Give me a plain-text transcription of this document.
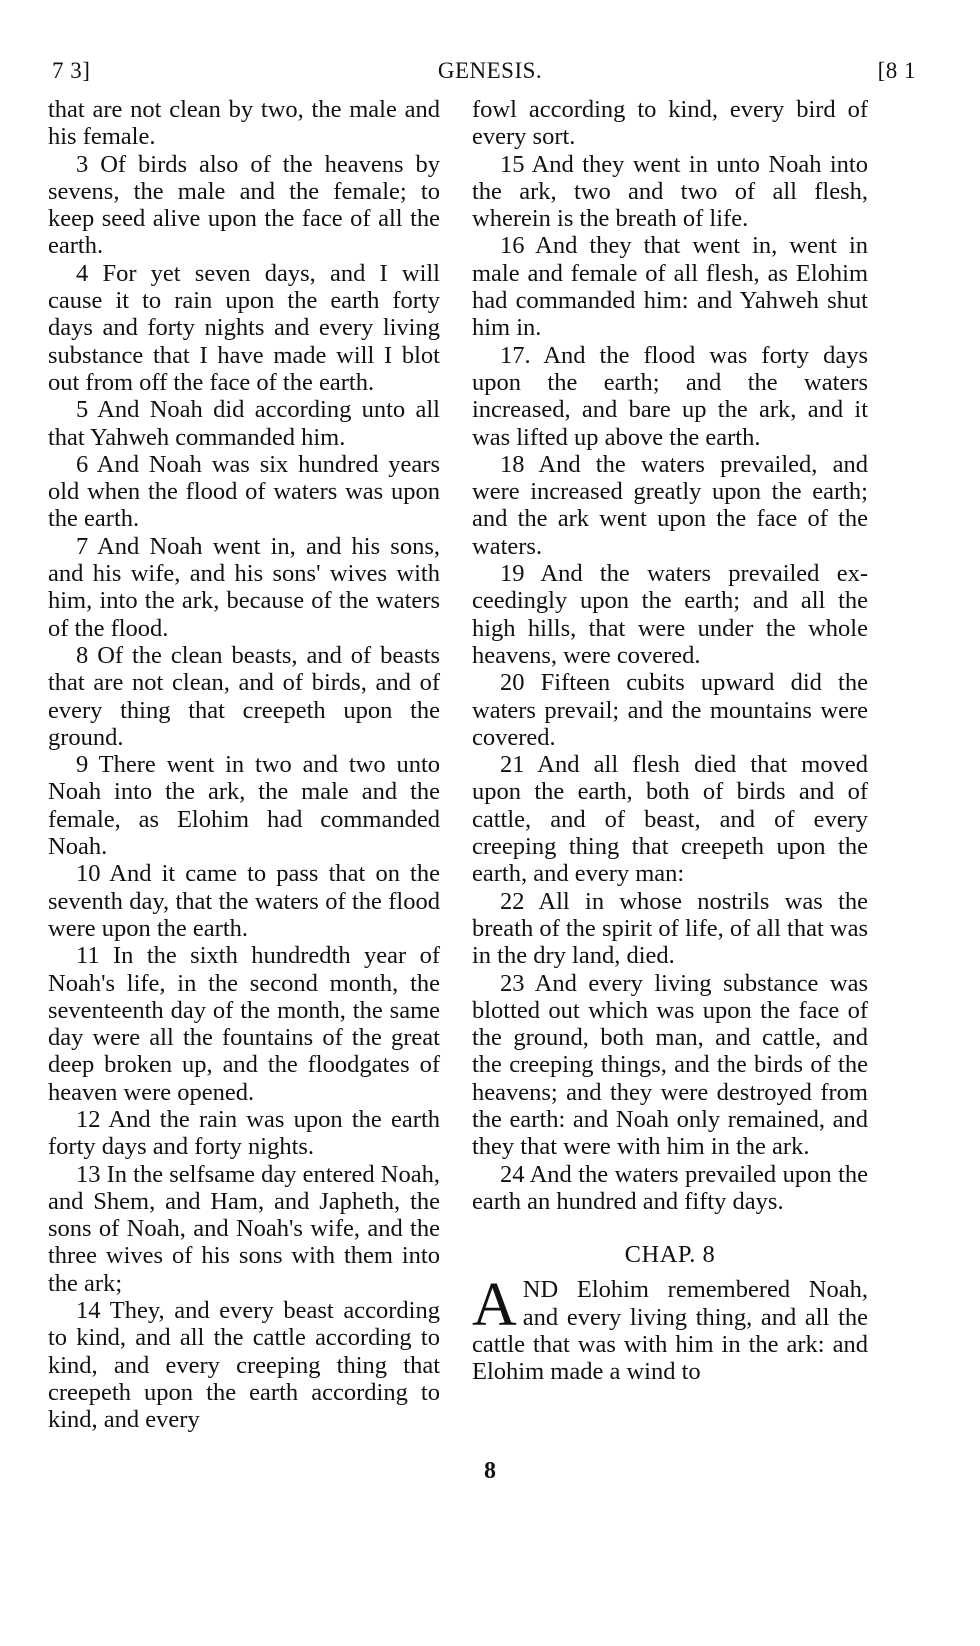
7 3]	GENESIS.	[8 1

that are not clean by two, the male and his female.

3 Of birds also of the heavens by sevens, the male and the female; to keep seed alive upon the face of all the earth.

4 For yet seven days, and I will cause it to rain upon the earth forty days and forty nights and every living substance that I have made will I blot out from off the face of the earth.

5 And Noah did according unto all that Yahweh commanded him.

6 And Noah was six hundred years old when the flood of waters was upon the earth.

7 And Noah went in, and his sons, and his wife, and his sons' wives with him, into the ark, because of the waters of the flood.

8 Of the clean beasts, and of beasts that are not clean, and of birds, and of every thing that creepeth upon the ground.

9 There went in two and two unto Noah into the ark, the male and the female, as Elohim had commanded Noah.

10 And it came to pass that on the seventh day, that the waters of the flood were upon the earth.

11 In the sixth hundredth year of Noah's life, in the second month, the seventeenth day of the month, the same day were all the fountains of the great deep broken up, and the floodgates of heaven were opened.

12 And the rain was upon the earth forty days and forty nights.

13 In the selfsame day entered Noah, and Shem, and Ham, and Japheth, the sons of Noah, and Noah's wife, and the three wives of his sons with them into the ark;

14 They, and every beast according to kind, and all the cattle according to kind, and every creeping thing that creepeth upon the earth according to kind, and every

fowl according to kind, every bird of every sort.

15 And they went in unto Noah into the ark, two and two of all flesh, wherein is the breath of life.

16 And they that went in, went in male and female of all flesh, as Elohim had commanded him: and Yahweh shut him in.

17. And the flood was forty days upon the earth; and the waters increased, and bare up the ark, and it was lifted up above the earth.

18 And the waters prevailed, and were increased greatly upon the earth; and the ark went upon the face of the waters.

19 And the waters prevailed exceedingly upon the earth; and all the high hills, that were under the whole heavens, were covered.

20 Fifteen cubits upward did the waters prevail; and the mountains were covered.

21 And all flesh died that moved upon the earth, both of birds and of cattle, and of beast, and of every creeping thing that creepeth upon the earth, and every man:

22 All in whose nostrils was the breath of the spirit of life, of all that was in the dry land, died.

23 And every living substance was blotted out which was upon the face of the ground, both man, and cattle, and the creeping things, and the birds of the heavens; and they were destroyed from the earth: and Noah only remained, and they that were with him in the ark.

24 And the waters prevailed upon the earth an hundred and fifty days.

CHAP. 8

AND Elohim remembered Noah, and every living thing, and all the cattle that was with him in the ark: and Elohim made a wind to

8
